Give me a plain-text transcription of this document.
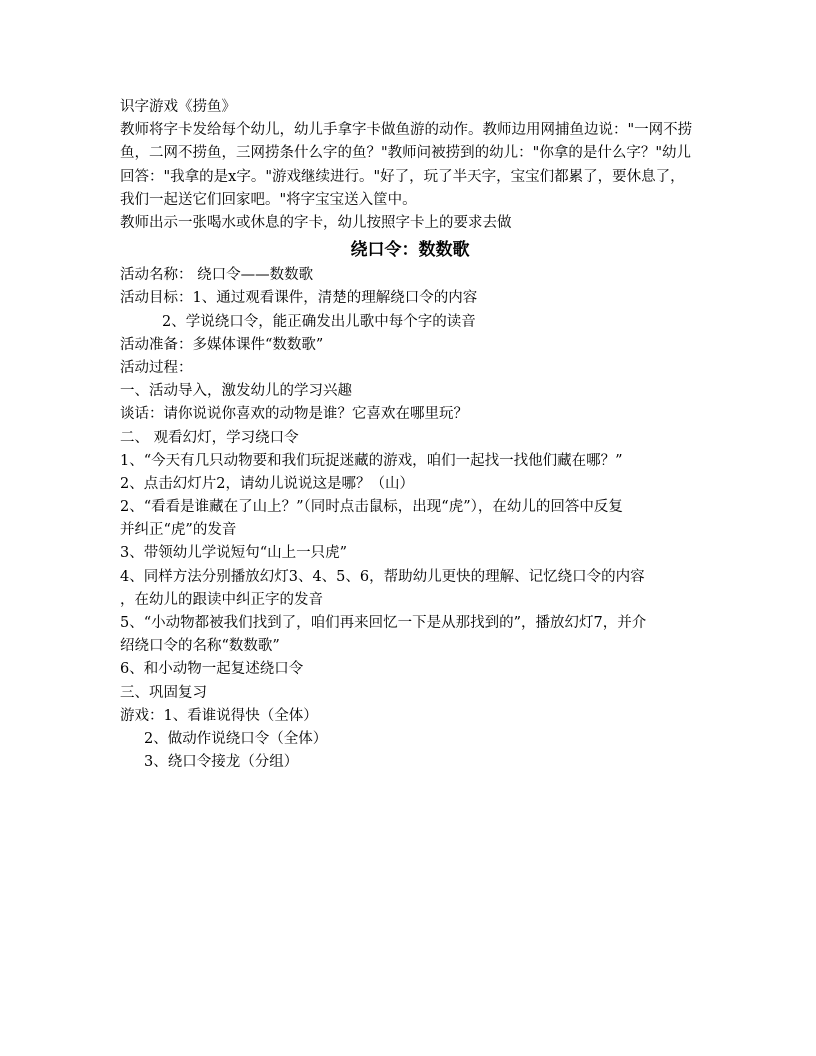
识字游戏《捞鱼》
教师将字卡发给每个幼儿，幼儿手拿字卡做鱼游的动作。教师边用网捕鱼边说："一网不捞鱼，二网不捞鱼，三网捞条什么字的鱼？"教师问被捞到的幼儿："你拿的是什么字？"幼儿回答："我拿的是x字。"游戏继续进行。"好了，玩了半天字，宝宝们都累了，要休息了，我们一起送它们回家吧。"将字宝宝送入筐中。
教师出示一张喝水或休息的字卡，幼儿按照字卡上的要求去做
绕口令：数数歌
活动名称： 绕口令——数数歌
活动目标：1、通过观看课件，清楚的理解绕口令的内容
2、学说绕口令，能正确发出儿歌中每个字的读音
活动准备：多媒体课件“数数歌”
活动过程：
一、活动导入，激发幼儿的学习兴趣
谈话：请你说说你喜欢的动物是谁？它喜欢在哪里玩？
二、 观看幻灯，学习绕口令
1、“今天有几只动物要和我们玩捉迷藏的游戏，咱们一起找一找他们藏在哪？”
2、点击幻灯片2，请幼儿说说这是哪？（山）
2、“看看是谁藏在了山上？”（同时点击鼠标，出现“虎”），在幼儿的回答中反复
并纠正“虎”的发音
3、带领幼儿学说短句“山上一只虎”
4、同样方法分别播放幻灯3、4、5、6，帮助幼儿更快的理解、记忆绕口令的内容
，在幼儿的跟读中纠正字的发音
5、“小动物都被我们找到了，咱们再来回忆一下是从那找到的”，播放幻灯7，并介
绍绕口令的名称“数数歌”
6、和小动物一起复述绕口令
三、巩固复习
游戏：1、看谁说得快（全体）
2、做动作说绕口令（全体）
3、绕口令接龙（分组）
